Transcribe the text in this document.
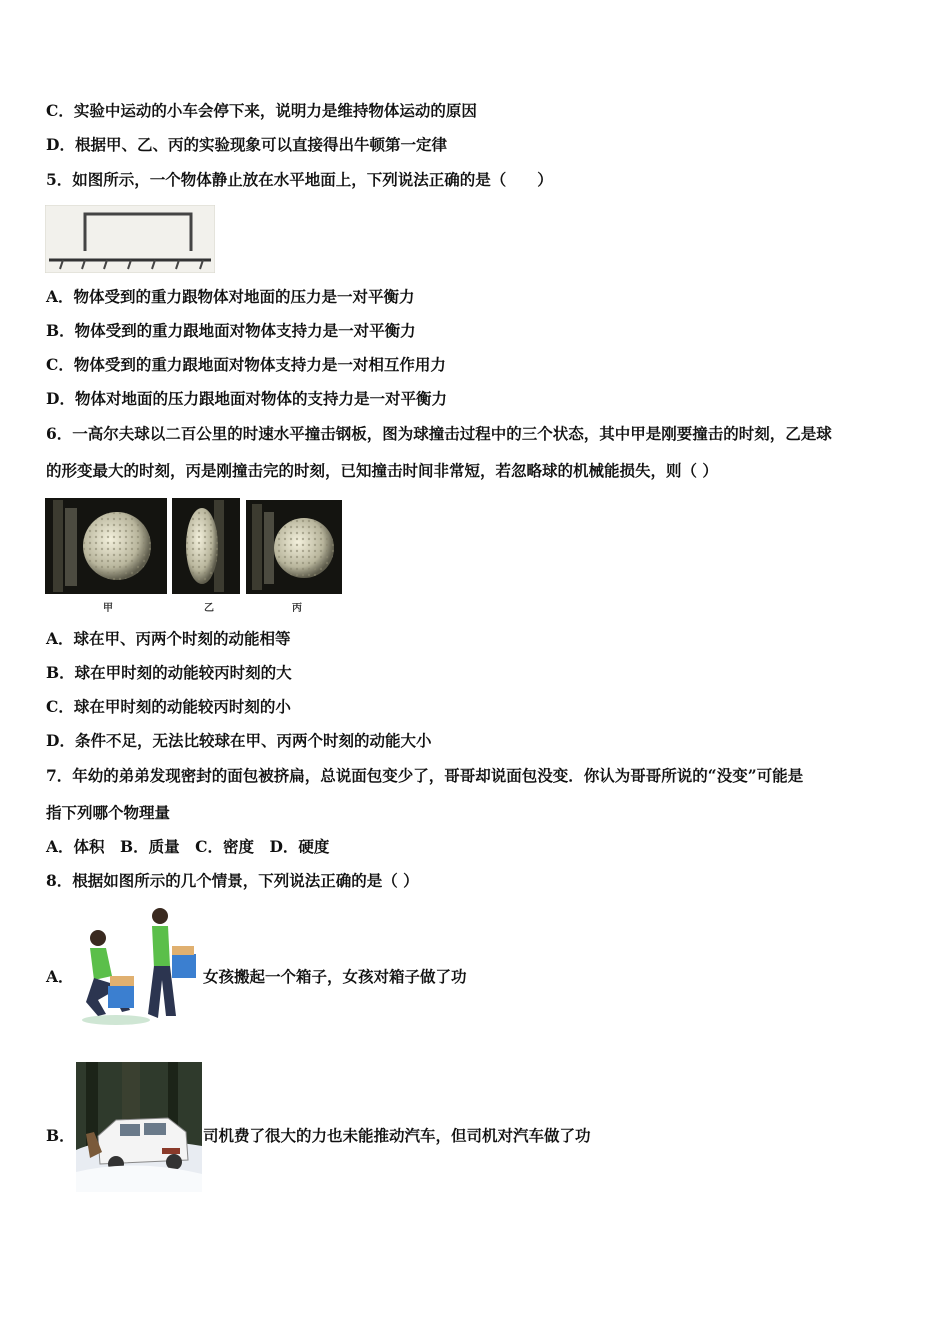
C．实验中运动的小车会停下来，说明力是维持物体运动的原因
D．根据甲、乙、丙的实验现象可以直接得出牛顿第一定律
5．如图所示，一个物体静止放在水平地面上，下列说法正确的是（　　）
A．物体受到的重力跟物体对地面的压力是一对平衡力
B．物体受到的重力跟地面对物体支持力是一对平衡力
C．物体受到的重力跟地面对物体支持力是一对相互作用力
D．物体对地面的压力跟地面对物体的支持力是一对平衡力
6．一高尔夫球以二百公里的时速水平撞击钢板，图为球撞击过程中的三个状态，其中甲是刚要撞击的时刻，乙是球
的形变最大的时刻，丙是刚撞击完的时刻，已知撞击时间非常短，若忽略球的机械能损失，则（ ）
甲	乙	丙
A．球在甲、丙两个时刻的动能相等
B．球在甲时刻的动能较丙时刻的大
C．球在甲时刻的动能较丙时刻的小
D．条件不足，无法比较球在甲、丙两个时刻的动能大小
7．年幼的弟弟发现密封的面包被挤扁，总说面包变少了，哥哥却说面包没变．你认为哥哥所说的“没变”可能是
指下列哪个物理量
A．体积　B．质量　C．密度　D．硬度
8．根据如图所示的几个情景，下列说法正确的是（ ）
A．	女孩搬起一个箱子，女孩对箱子做了功
B．	司机费了很大的力也未能推动汽车，但司机对汽车做了功
